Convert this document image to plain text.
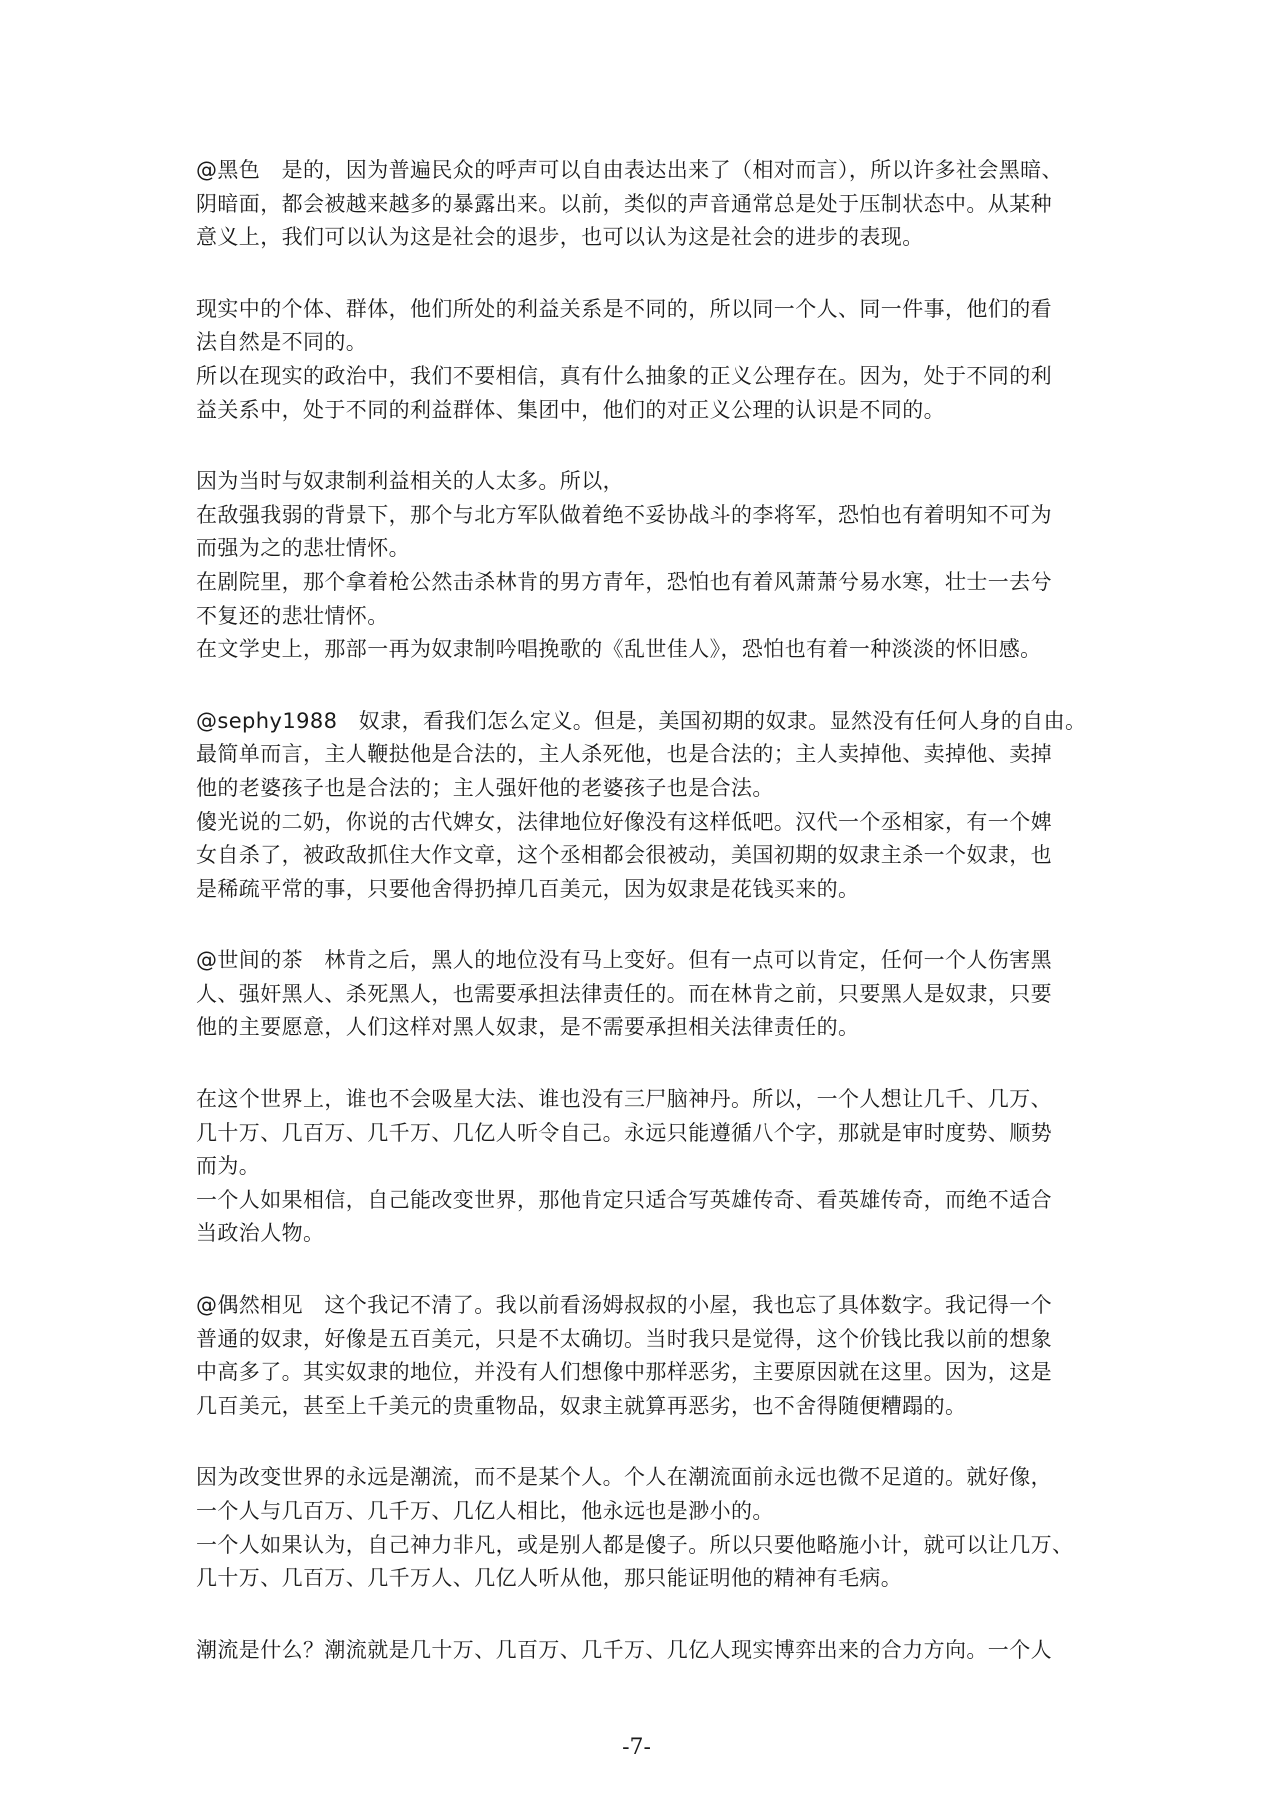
@黑色　是的，因为普遍民众的呼声可以自由表达出来了（相对而言），所以许多社会黑暗、
阴暗面，都会被越来越多的暴露出来。以前，类似的声音通常总是处于压制状态中。从某种
意义上，我们可以认为这是社会的退步，也可以认为这是社会的进步的表现。
现实中的个体、群体，他们所处的利益关系是不同的，所以同一个人、同一件事，他们的看
法自然是不同的。
所以在现实的政治中，我们不要相信，真有什么抽象的正义公理存在。因为，处于不同的利
益关系中，处于不同的利益群体、集团中，他们的对正义公理的认识是不同的。
因为当时与奴隶制利益相关的人太多。所以，
在敌强我弱的背景下，那个与北方军队做着绝不妥协战斗的李将军，恐怕也有着明知不可为
而强为之的悲壮情怀。
在剧院里，那个拿着枪公然击杀林肯的男方青年，恐怕也有着风萧萧兮易水寒，壮士一去兮
不复还的悲壮情怀。
在文学史上，那部一再为奴隶制吟唱挽歌的《乱世佳人》，恐怕也有着一种淡淡的怀旧感。
@sephy1988　奴隶，看我们怎么定义。但是，美国初期的奴隶。显然没有任何人身的自由。
最简单而言，主人鞭挞他是合法的，主人杀死他，也是合法的；主人卖掉他、卖掉他、卖掉
他的老婆孩子也是合法的；主人强奸他的老婆孩子也是合法。
傻光说的二奶，你说的古代婢女，法律地位好像没有这样低吧。汉代一个丞相家，有一个婢
女自杀了，被政敌抓住大作文章，这个丞相都会很被动，美国初期的奴隶主杀一个奴隶，也
是稀疏平常的事，只要他舍得扔掉几百美元，因为奴隶是花钱买来的。
@世间的茶　林肯之后，黑人的地位没有马上变好。但有一点可以肯定，任何一个人伤害黑
人、强奸黑人、杀死黑人，也需要承担法律责任的。而在林肯之前，只要黑人是奴隶，只要
他的主要愿意，人们这样对黑人奴隶，是不需要承担相关法律责任的。
在这个世界上，谁也不会吸星大法、谁也没有三尸脑神丹。所以，一个人想让几千、几万、
几十万、几百万、几千万、几亿人听令自己。永远只能遵循八个字，那就是审时度势、顺势
而为。
一个人如果相信，自己能改变世界，那他肯定只适合写英雄传奇、看英雄传奇，而绝不适合
当政治人物。
@偶然相见　这个我记不清了。我以前看汤姆叔叔的小屋，我也忘了具体数字。我记得一个
普通的奴隶，好像是五百美元，只是不太确切。当时我只是觉得，这个价钱比我以前的想象
中高多了。其实奴隶的地位，并没有人们想像中那样恶劣，主要原因就在这里。因为，这是
几百美元，甚至上千美元的贵重物品，奴隶主就算再恶劣，也不舍得随便糟蹋的。
因为改变世界的永远是潮流，而不是某个人。个人在潮流面前永远也微不足道的。就好像，
一个人与几百万、几千万、几亿人相比，他永远也是渺小的。
一个人如果认为，自己神力非凡，或是别人都是傻子。所以只要他略施小计，就可以让几万、
几十万、几百万、几千万人、几亿人听从他，那只能证明他的精神有毛病。
潮流是什么？潮流就是几十万、几百万、几千万、几亿人现实博弈出来的合力方向。一个人
-7-
